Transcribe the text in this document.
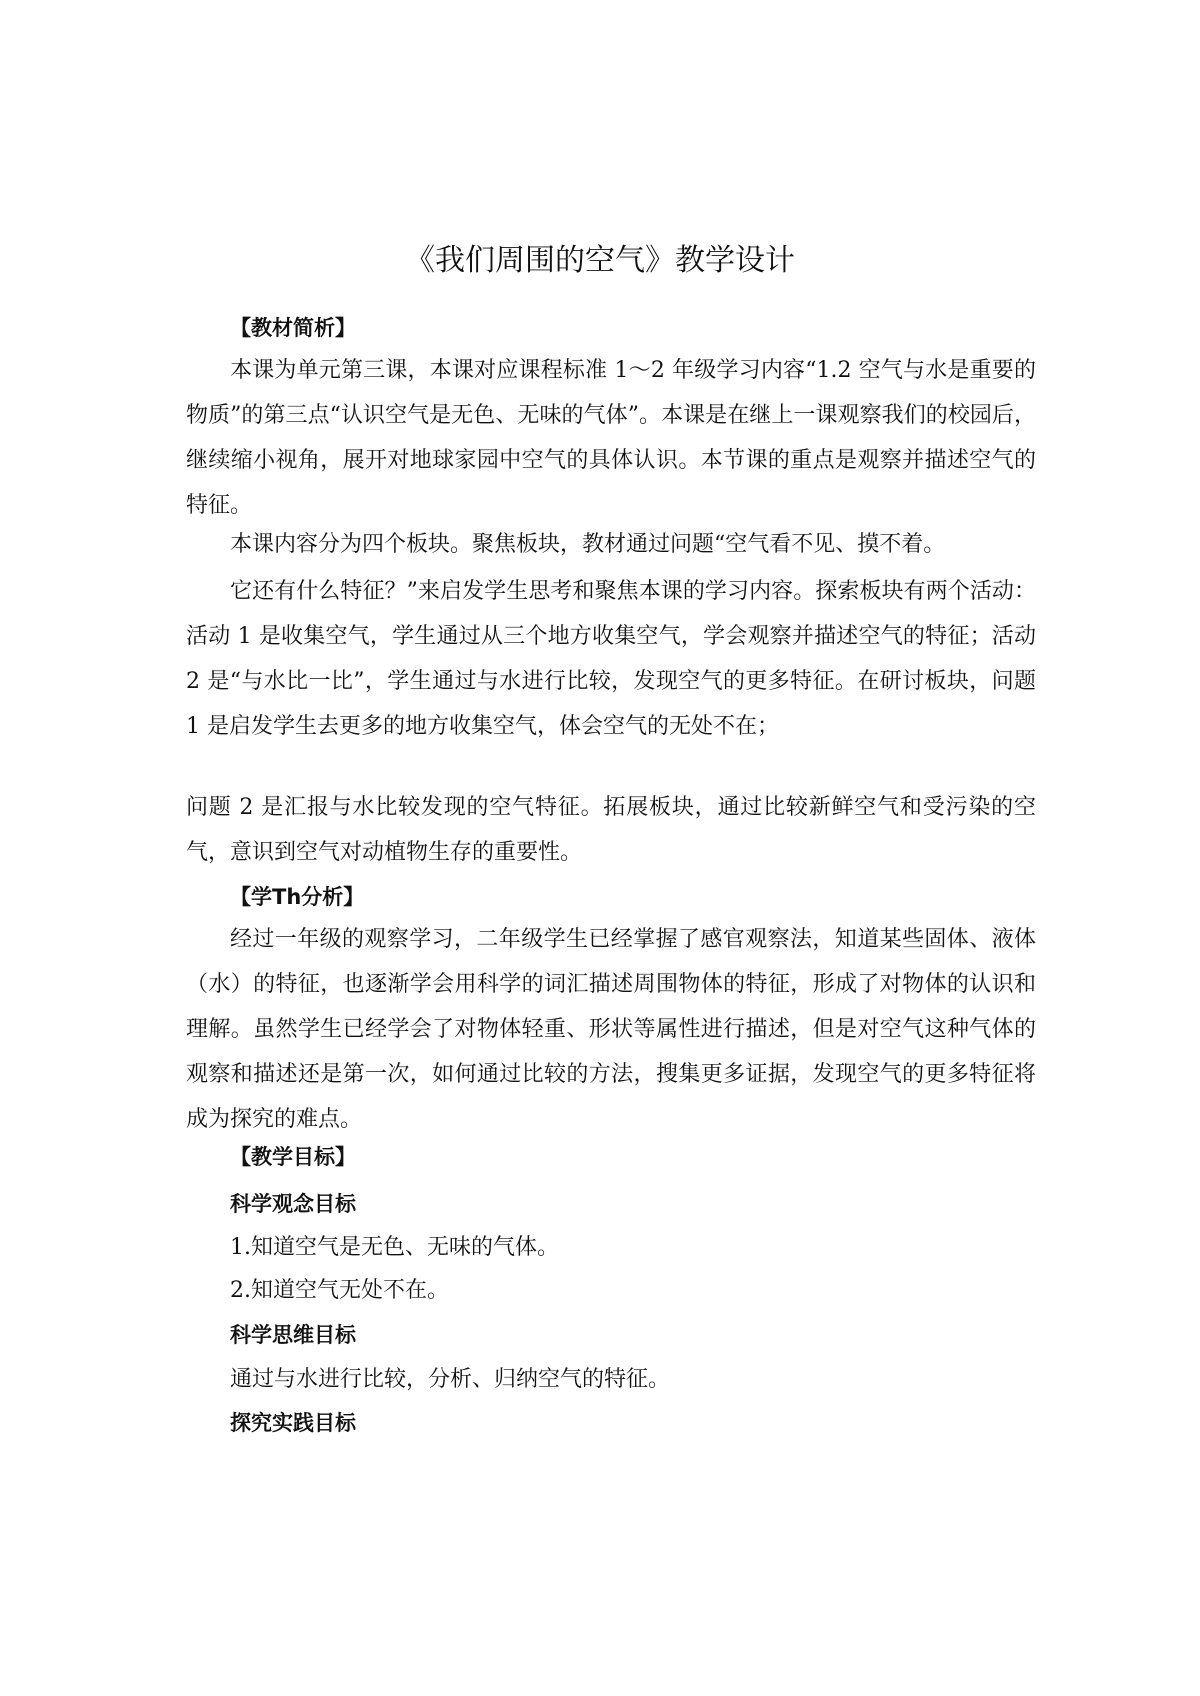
《我们周围的空气》教学设计
【教材简析】

本课为单元第三课，本课对应课程标准 1～2 年级学习内容“1.2 空气与水是重要的物质”的第三点“认识空气是无色、无味的气体”。本课是在继上一课观察我们的校园后，继续缩小视角，展开对地球家园中空气的具体认识。本节课的重点是观察并描述空气的特征。

本课内容分为四个板块。聚焦板块，教材通过问题“空气看不见、摸不着。

它还有什么特征？”来启发学生思考和聚焦本课的学习内容。探索板块有两个活动：活动 1 是收集空气，学生通过从三个地方收集空气，学会观察并描述空气的特征；活动 2 是“与水比一比”，学生通过与水进行比较，发现空气的更多特征。在研讨板块，问题 1 是启发学生去更多的地方收集空气，体会空气的无处不在；

问题 2 是汇报与水比较发现的空气特征。拓展板块，通过比较新鲜空气和受污染的空气，意识到空气对动植物生存的重要性。

【学Th分析】

经过一年级的观察学习，二年级学生已经掌握了感官观察法，知道某些固体、液体（水）的特征，也逐渐学会用科学的词汇描述周围物体的特征，形成了对物体的认识和理解。虽然学生已经学会了对物体轻重、形状等属性进行描述，但是对空气这种气体的观察和描述还是第一次，如何通过比较的方法，搜集更多证据，发现空气的更多特征将成为探究的难点。

【教学目标】
科学观念目标
1.知道空气是无色、无味的气体。
2.知道空气无处不在。
科学思维目标
通过与水进行比较，分析、归纳空气的特征。
探究实践目标
